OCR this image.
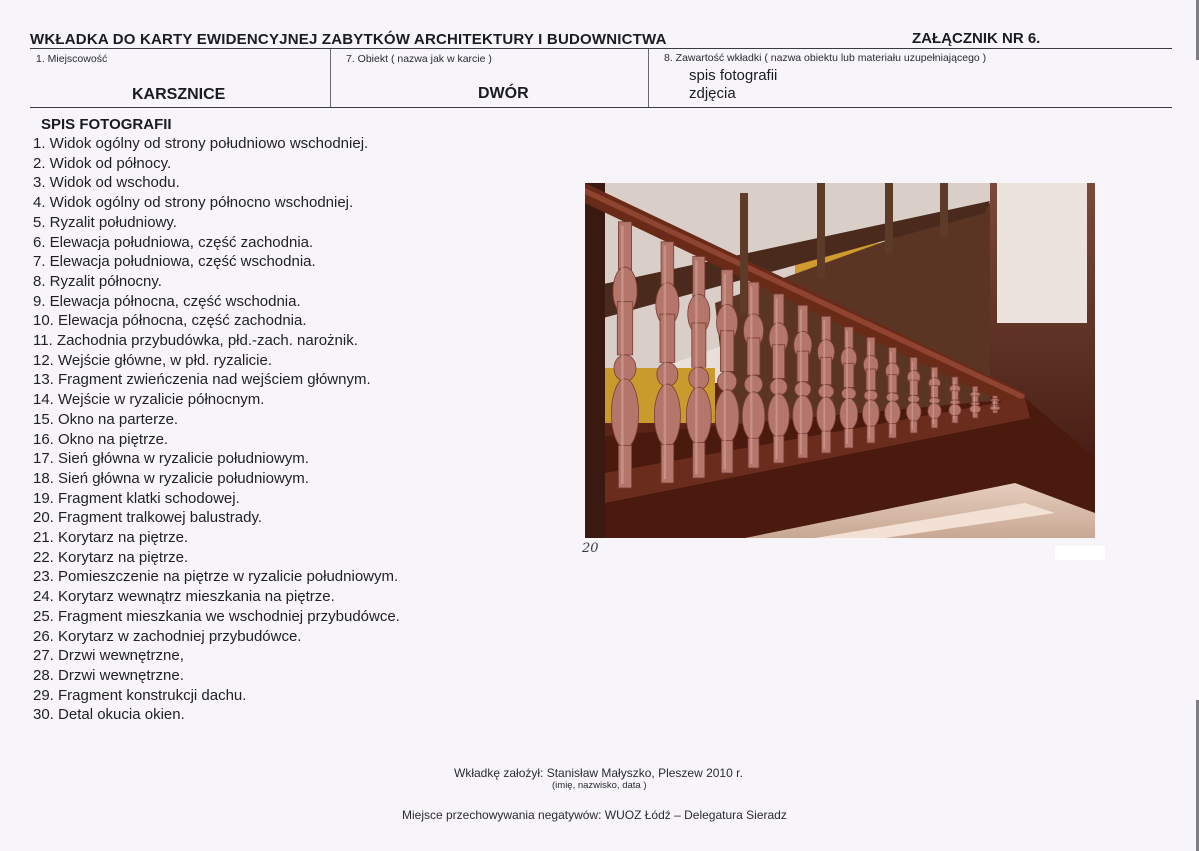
WKŁADKA DO KARTY EWIDENCYJNEJ ZABYTKÓW ARCHITEKTURY I BUDOWNICTWA	ZAŁĄCZNIK NR 6.
1. Miejscowość
KARSZNICE
7. Obiekt ( nazwa jak w karcie )
DWÓR
8. Zawartość wkładki ( nazwa obiektu lub materiału uzupełniającego )
spis fotografii
zdjęcia
SPIS FOTOGRAFII
1. Widok ogólny od strony południowo wschodniej.
2. Widok od północy.
3. Widok od wschodu.
4. Widok ogólny od strony północno wschodniej.
5. Ryzalit południowy.
6. Elewacja południowa, część zachodnia.
7. Elewacja południowa, część wschodnia.
8. Ryzalit północny.
9. Elewacja północna, część wschodnia.
10. Elewacja północna, część zachodnia.
11. Zachodnia przybudówka, płd.-zach. narożnik.
12. Wejście główne, w płd. ryzalicie.
13. Fragment zwieńczenia nad wejściem głównym.
14. Wejście w ryzalicie północnym.
15. Okno na parterze.
16. Okno na piętrze.
17. Sień główna w ryzalicie południowym.
18. Sień główna w ryzalicie południowym.
19. Fragment klatki schodowej.
20. Fragment tralkowej balustrady.
21. Korytarz na piętrze.
22. Korytarz na piętrze.
23. Pomieszczenie na piętrze w ryzalicie południowym.
24. Korytarz wewnątrz mieszkania na piętrze.
25. Fragment mieszkania we wschodniej przybudówce.
26. Korytarz w zachodniej przybudówce.
27. Drzwi wewnętrzne,
28. Drzwi wewnętrzne.
29. Fragment konstrukcji dachu.
30. Detal okucia okien.
20
Wkładkę założył: Stanisław Małyszko, Pleszew 2010 r.
(imię, nazwisko, data )
Miejsce przechowywania negatywów: WUOZ Łódź – Delegatura Sieradz
